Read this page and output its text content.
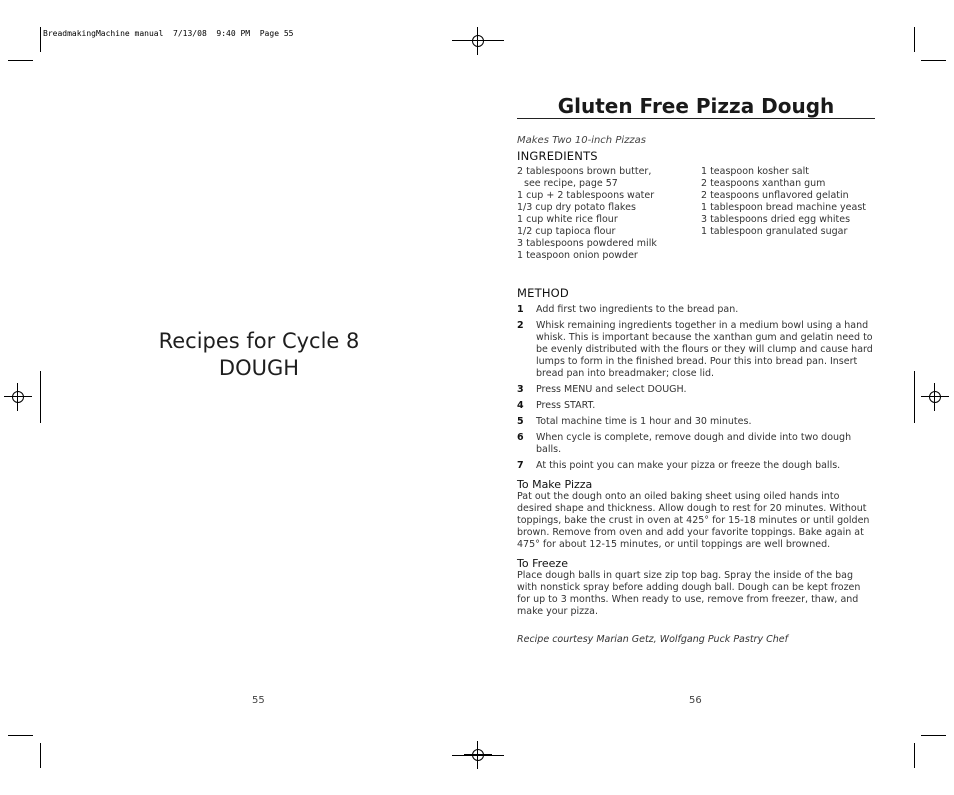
BreadmakingMachine manual  7/13/08  9:40 PM  Page 55
Recipes for Cycle 8
DOUGH
55
Gluten Free Pizza Dough
Makes Two 10-inch Pizzas
INGREDIENTS
2 tablespoons brown butter,
see recipe, page 57
1 cup + 2 tablespoons water
1/3 cup dry potato flakes
1 cup white rice flour
1/2 cup tapioca flour
3 tablespoons powdered milk
1 teaspoon onion powder
1 teaspoon kosher salt
2 teaspoons xanthan gum
2 teaspoons unflavored gelatin
1 tablespoon bread machine yeast
3 tablespoons dried egg whites
1 tablespoon granulated sugar
METHOD
1	Add first two ingredients to the bread pan.
2	Whisk remaining ingredients together in a medium bowl using a hand whisk. This is important because the xanthan gum and gelatin need to be evenly distributed with the flours or they will clump and cause hard lumps to form in the finished bread. Pour this into bread pan. Insert bread pan into breadmaker; close lid.
3	Press MENU and select DOUGH.
4	Press START.
5	Total machine time is 1 hour and 30 minutes.
6	When cycle is complete, remove dough and divide into two dough balls.
7	At this point you can make your pizza or freeze the dough balls.
To Make Pizza
Pat out the dough onto an oiled baking sheet using oiled hands into desired shape and thickness. Allow dough to rest for 20 minutes. Without toppings, bake the crust in oven at 425° for 15-18 minutes or until golden brown. Remove from oven and add your favorite toppings. Bake again at 475° for about 12-15 minutes, or until toppings are well browned.
To Freeze
Place dough balls in quart size zip top bag. Spray the inside of the bag with nonstick spray before adding dough ball. Dough can be kept frozen for up to 3 months. When ready to use, remove from freezer, thaw, and make your pizza.
Recipe courtesy Marian Getz, Wolfgang Puck Pastry Chef
56
